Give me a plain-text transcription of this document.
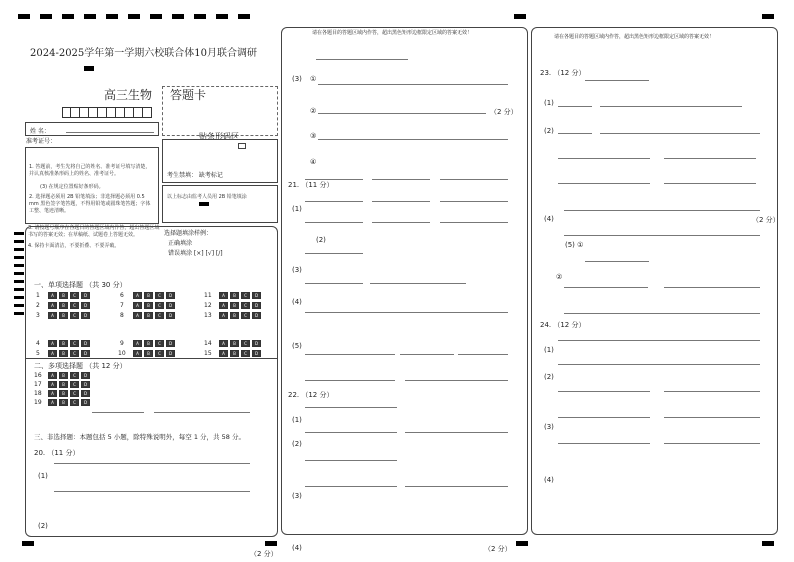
2024-2025学年第一学期六校联合体10月联合调研
高三生物 答题卡
贴条形码区
姓 名：
准考证号：
1. 答题前，考生先将自己的姓名、准考证号填写清楚，并认真核准条形码上的姓名、准考证号。
(3) 在规定位置贴好条形码。
2. 选择题必须用 2B 铅笔填涂；非选择题必须用 0.5 mm 黑色签字笔答题，不得用铅笔或圆珠笔答题；字体工整、笔迹清晰。
3. 请按题号顺序在各题目的答题区域内作答，超出答题区域书写的答案无效；在草稿纸、试题卷上答题无效。
4. 保持卡面清洁，不要折叠、不要弄破。
考生禁填： 缺考标记
以上标志由监考人员用 2B 铅笔填涂
选择题填涂样例：
正确填涂
错误填涂 [×] [√] [/]
一、单项选择题 （共 30 分）
1	A	B	C	D
2	A	B	C	D
3	A	B	C	D
6	A	B	C	D
7	A	B	C	D
8	A	B	C	D
11	A	B	C	D
12	A	B	C	D
13	A	B	C	D
4	A	B	C	D
5	A	B	C	D
9	A	B	C	D
10	A	B	C	D
14	A	B	C	D
15	A	B	C	D
二、多项选择题 （共 12 分）
16	A	B	C	D
17	A	B	C	D
18	A	B	C	D
19	A	B	C	D
三、非选择题：本题包括 5 小题，除特殊说明外，每空 1 分，共 58 分。
20. （11 分）
(1)
(2)
（2 分）
请在各题目的答题区域内作答，超出黑色矩形边框限定区域的答案无效！
(3) ①
②	（2 分）
③
④
21. （11 分）
(1)
(2)
(3)
(4)
(5)
22. （12 分）
(1)
(2)
(3)
(4)	（2 分）
请在各题目的答题区域内作答，超出黑色矩形边框限定区域的答案无效！
23. （12 分）
(1)
(2)
(4)	（2 分）
(5) ①
②
24. （12 分）
(1)
(2)
(3)
(4)
